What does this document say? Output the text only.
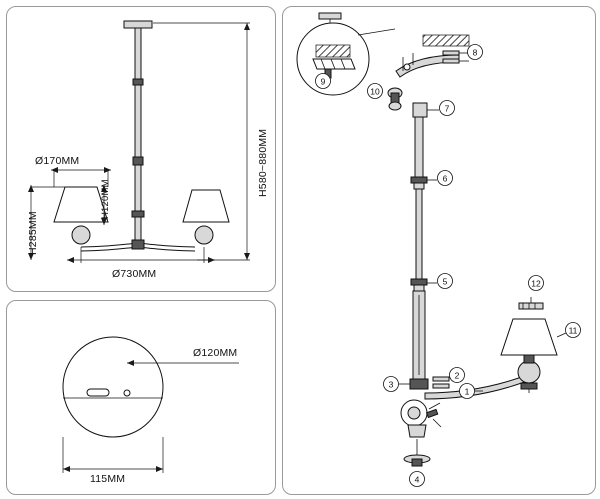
H580~880MM
Ø170MM
H120MM
H285MM
Ø730MM
Ø120MM
115MM
9
8
10
7
6
5
3
4
12
11
1
2
